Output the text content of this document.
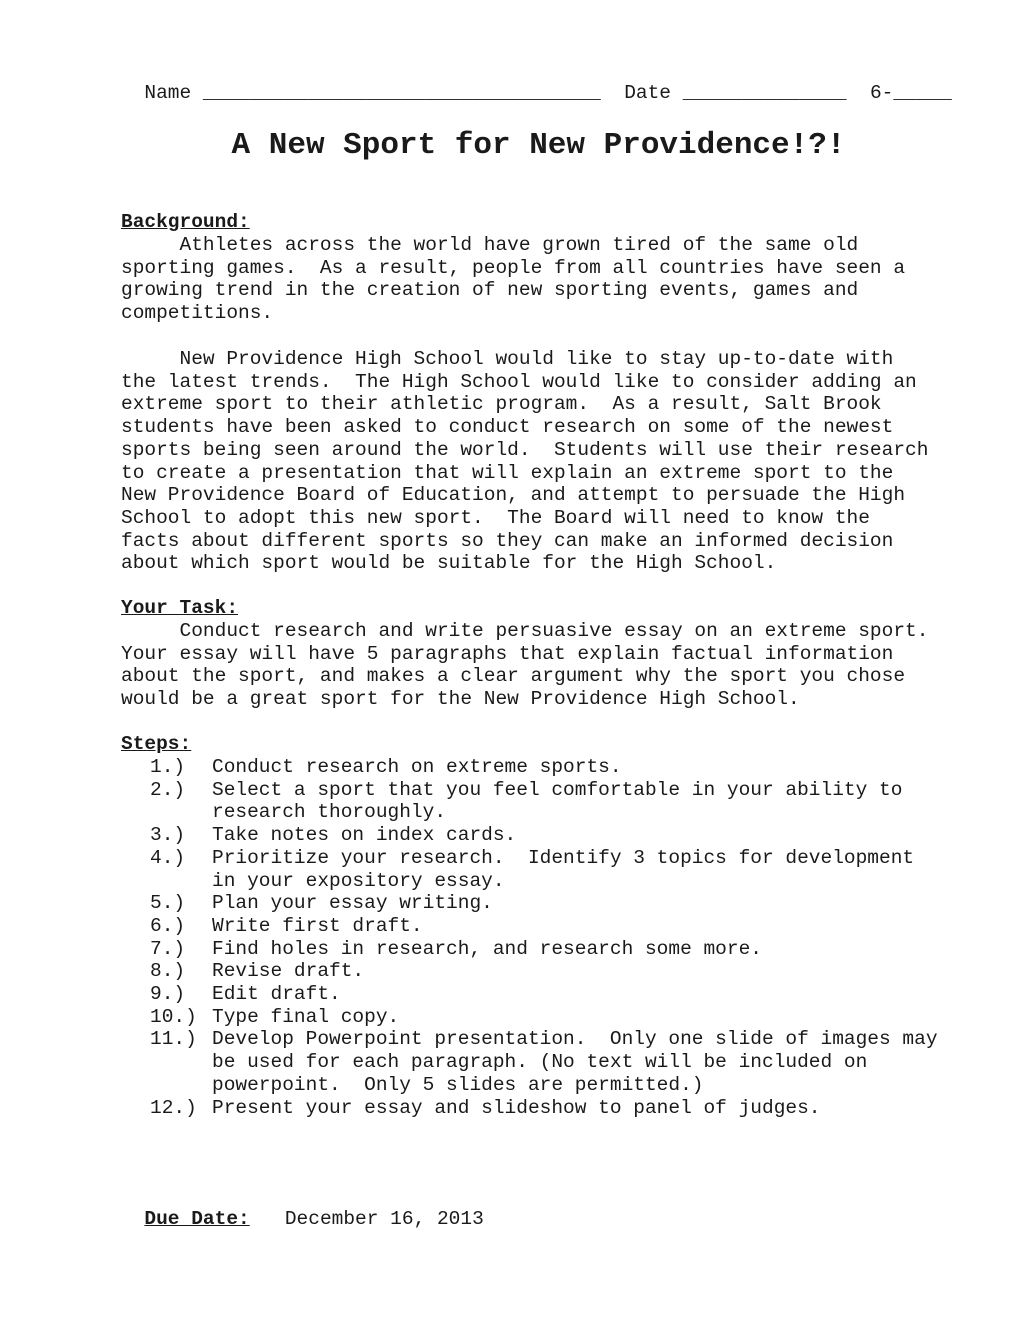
Name __________________________________ Date ______________ 6-_____

A New Sport for New Providence!?!
Background:
Athletes across the world have grown tired of the same old
sporting games.  As a result, people from all countries have seen a
growing trend in the creation of new sporting events, games and
competitions.
New Providence High School would like to stay up-to-date with
the latest trends.  The High School would like to consider adding an
extreme sport to their athletic program.  As a result, Salt Brook
students have been asked to conduct research on some of the newest
sports being seen around the world.  Students will use their research
to create a presentation that will explain an extreme sport to the
New Providence Board of Education, and attempt to persuade the High
School to adopt this new sport.  The Board will need to know the
facts about different sports so they can make an informed decision
about which sport would be suitable for the High School.
Your Task:
Conduct research and write persuasive essay on an extreme sport.
Your essay will have 5 paragraphs that explain factual information
about the sport, and makes a clear argument why the sport you chose
would be a great sport for the New Providence High School.
Steps:
1.)	Conduct research on extreme sports.
2.)	Select a sport that you feel comfortable in your ability to
research thoroughly.
3.)	Take notes on index cards.
4.)	Prioritize your research.  Identify 3 topics for development
in your expository essay.
5.)	Plan your essay writing.
6.)	Write first draft.
7.)	Find holes in research, and research some more.
8.)	Revise draft.
9.)	Edit draft.
10.) Type final copy.
11.) Develop Powerpoint presentation.  Only one slide of images may
be used for each paragraph. (No text will be included on
powerpoint.  Only 5 slides are permitted.)
12.) Present your essay and slideshow to panel of judges.

Due Date: December 16, 2013
